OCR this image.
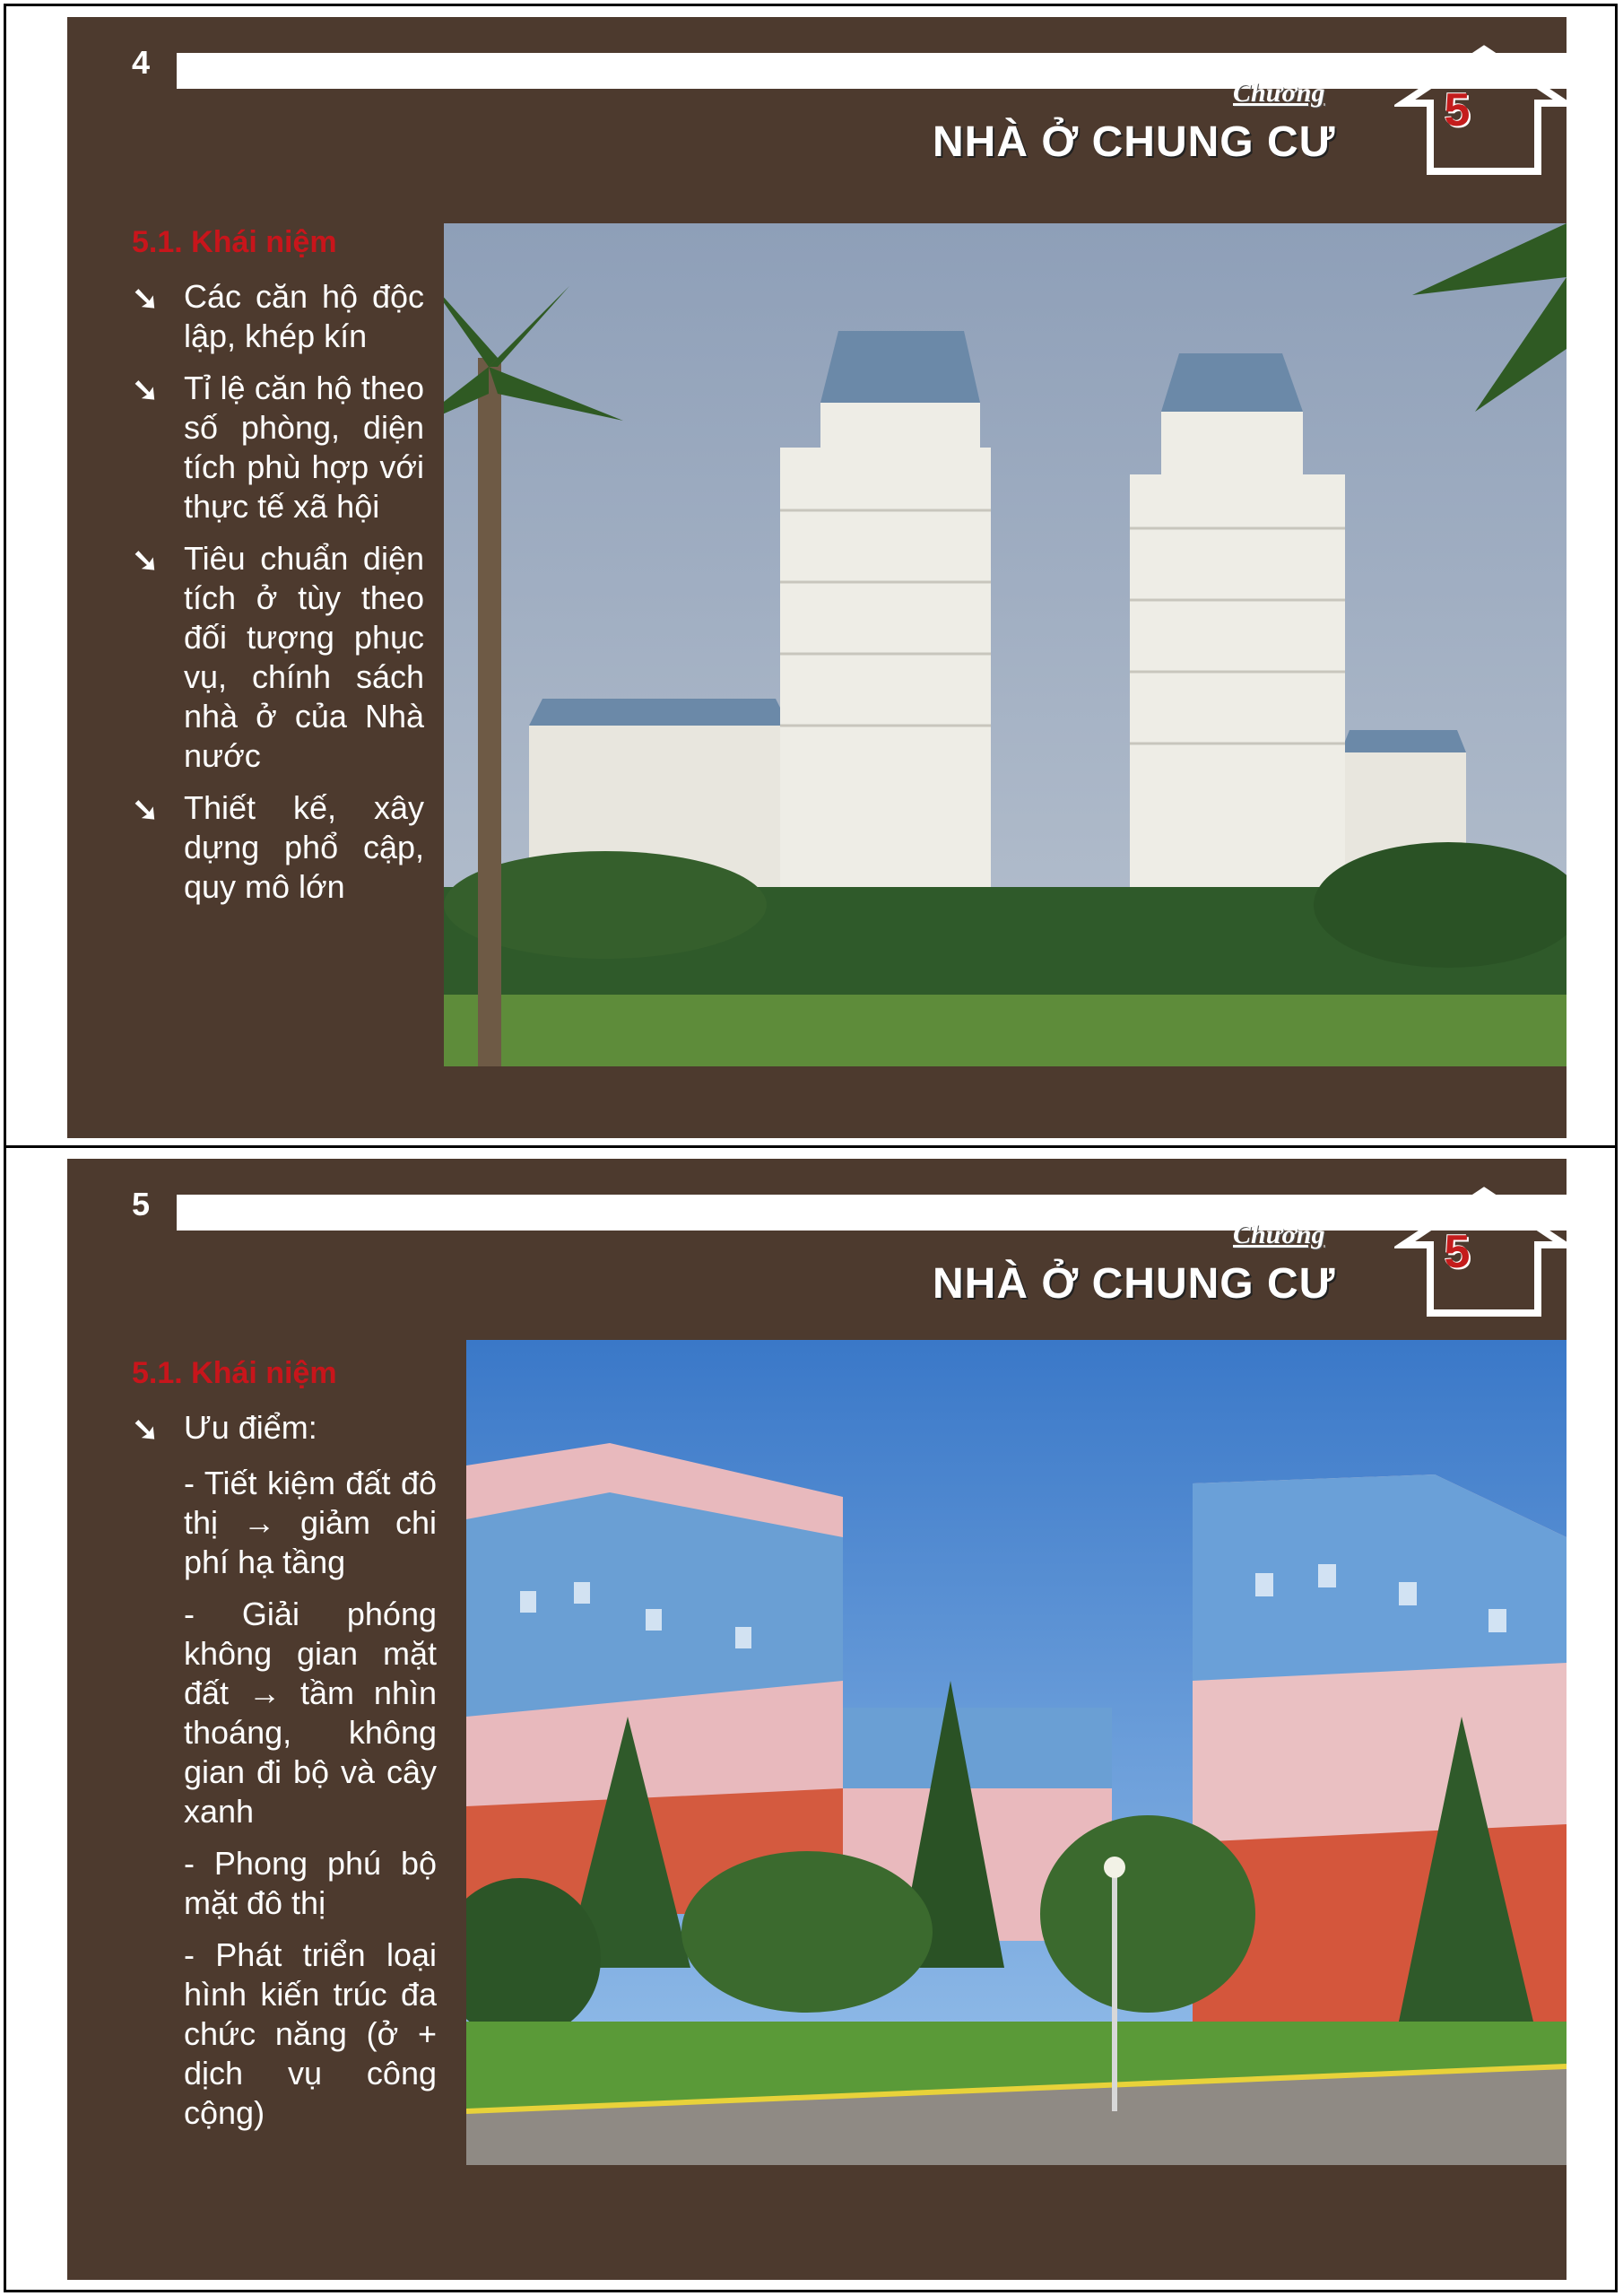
4
Chương
NHÀ Ở CHUNG CƯ
5
5.1. Khái niệm
➘ Các căn hộ độc lập, khép kín
➘ Tỉ lệ căn hộ theo số phòng, diện tích phù hợp với thực tế xã hội
➘ Tiêu chuẩn diện tích ở tùy theo đối tượng phục vụ, chính sách nhà ở của Nhà nước
➘ Thiết kế, xây dựng phổ cập, quy mô lớn
5
Chương
NHÀ Ở CHUNG CƯ
5
5.1. Khái niệm
➘ Ưu điểm:
- Tiết kiệm đất đô thị → giảm chi phí hạ tầng
- Giải phóng không gian mặt đất → tầm nhìn thoáng, không gian đi bộ và cây xanh
- Phong phú bộ mặt đô thị
- Phát triển loại hình kiến trúc đa chức năng (ở + dịch vụ công cộng)
